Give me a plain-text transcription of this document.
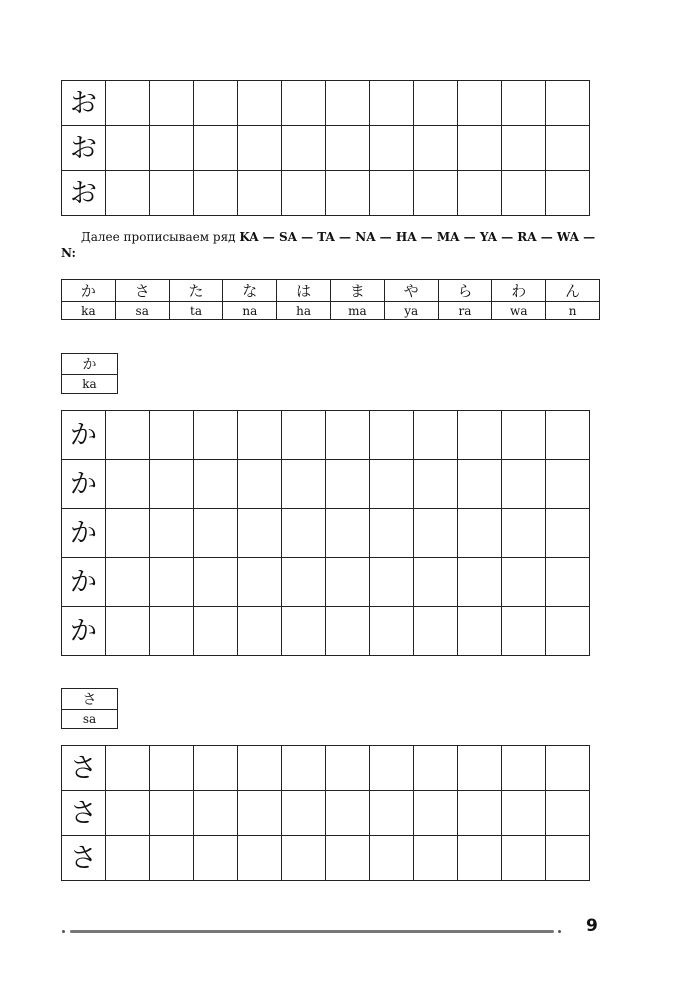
お											
お											
お											

Далее прописываем ряд KA — SA — TA — NA — HA — MA — YA — RA — WA — N:

か	さ	た	な	は	ま	や	ら	わ	ん
ka	sa	ta	na	ha	ma	ya	ra	wa	n
か
ka
か											
か											
か											
か											
か											
さ
sa
さ											
さ											
さ											
9
